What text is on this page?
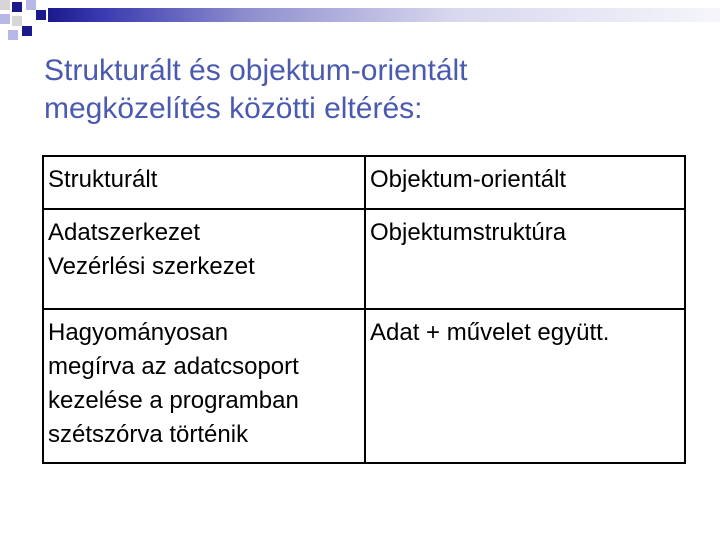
Strukturált és objektum-orientált
megközelítés közötti eltérés:
Strukturált	Objektum-orientált

Adatszerkezet
Vezérlési szerkezet	Objektumstruktúra

Hagyományosan
megírva az adatcsoport
kezelése a programban
szétszórva történik	Adat + művelet együtt.
